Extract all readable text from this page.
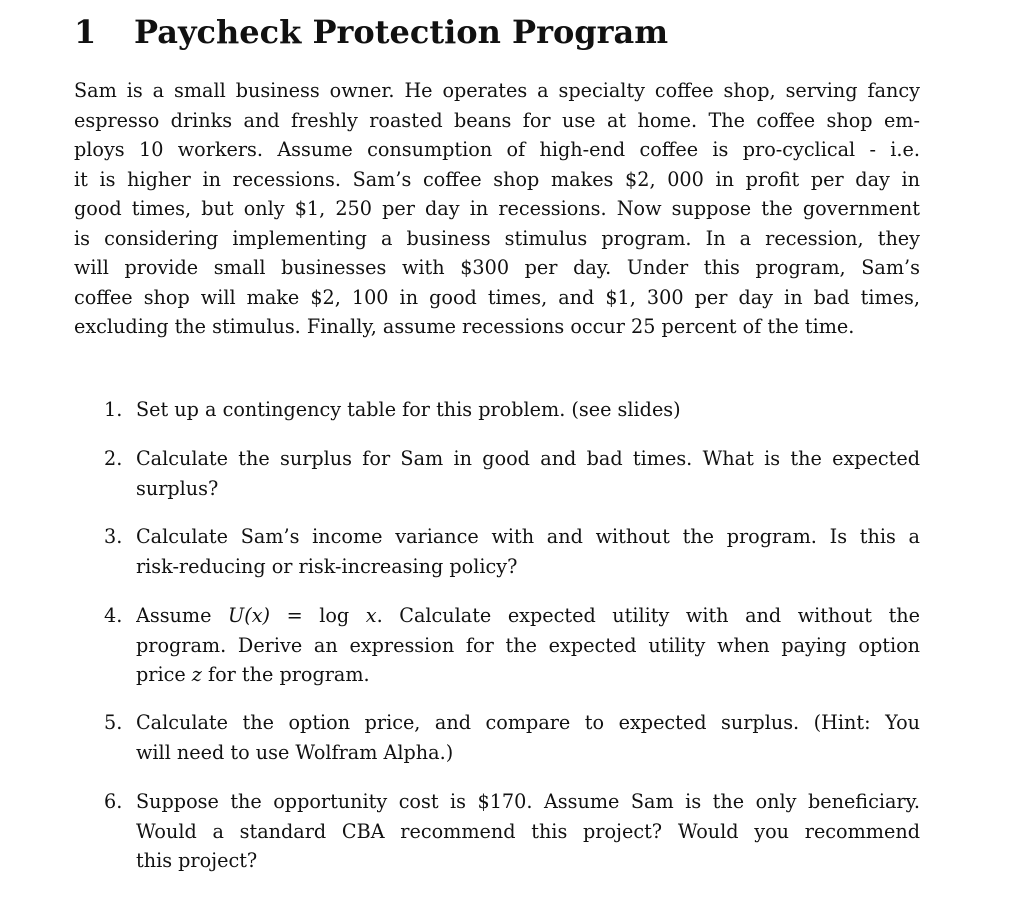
1 Paycheck Protection Program

Sam is a small business owner. He operates a specialty coffee shop, serving fancy
espresso drinks and freshly roasted beans for use at home. The coffee shop em-
ploys 10 workers. Assume consumption of high-end coffee is pro-cyclical - i.e.
it is higher in recessions. Sam’s coffee shop makes $2, 000 in profit per day in
good times, but only $1, 250 per day in recessions. Now suppose the government
is considering implementing a business stimulus program. In a recession, they
will provide small businesses with $300 per day. Under this program, Sam’s
coffee shop will make $2, 100 in good times, and $1, 300 per day in bad times,
excluding the stimulus. Finally, assume recessions occur 25 percent of the time.

1. Set up a contingency table for this problem. (see slides)
2. Calculate the surplus for Sam in good and bad times. What is the expected
surplus?
3. Calculate Sam’s income variance with and without the program. Is this a
risk-reducing or risk-increasing policy?
4. Assume U(x) = log x. Calculate expected utility with and without the
program. Derive an expression for the expected utility when paying option
price z for the program.
5. Calculate the option price, and compare to expected surplus. (Hint: You
will need to use Wolfram Alpha.)
6. Suppose the opportunity cost is $170. Assume Sam is the only beneficiary.
Would a standard CBA recommend this project? Would you recommend
this project?
